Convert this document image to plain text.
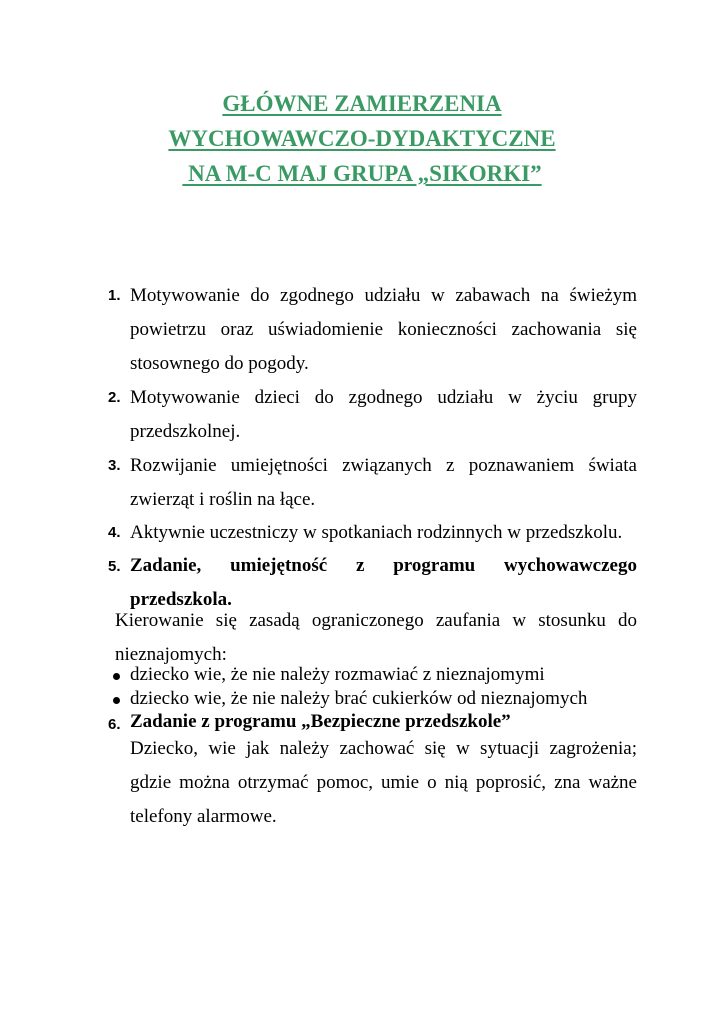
GŁÓWNE ZAMIERZENIA
WYCHOWAWCZO-DYDAKTYCZNE
NA M-C MAJ GRUPA „SIKORKI”
1. Motywowanie do zgodnego udziału w zabawach na świeżym powietrzu oraz uświadomienie konieczności zachowania się stosownego do pogody.
2. Motywowanie dzieci do zgodnego udziału w życiu grupy przedszkolnej.
3. Rozwijanie umiejętności związanych z poznawaniem świata zwierząt i roślin na łące.
4. Aktywnie uczestniczy w spotkaniach rodzinnych w przedszkolu.
5. Zadanie, umiejętność z programu wychowawczego przedszkola.
Kierowanie się zasadą ograniczonego zaufania w stosunku do nieznajomych:
dziecko wie, że nie należy rozmawiać z nieznajomymi
dziecko wie, że nie należy brać cukierków od nieznajomych
6. Zadanie z programu „Bezpieczne przedszkole”
Dziecko, wie jak należy zachować się w sytuacji zagrożenia; gdzie można otrzymać pomoc, umie o nią poprosić, zna ważne telefony alarmowe.
